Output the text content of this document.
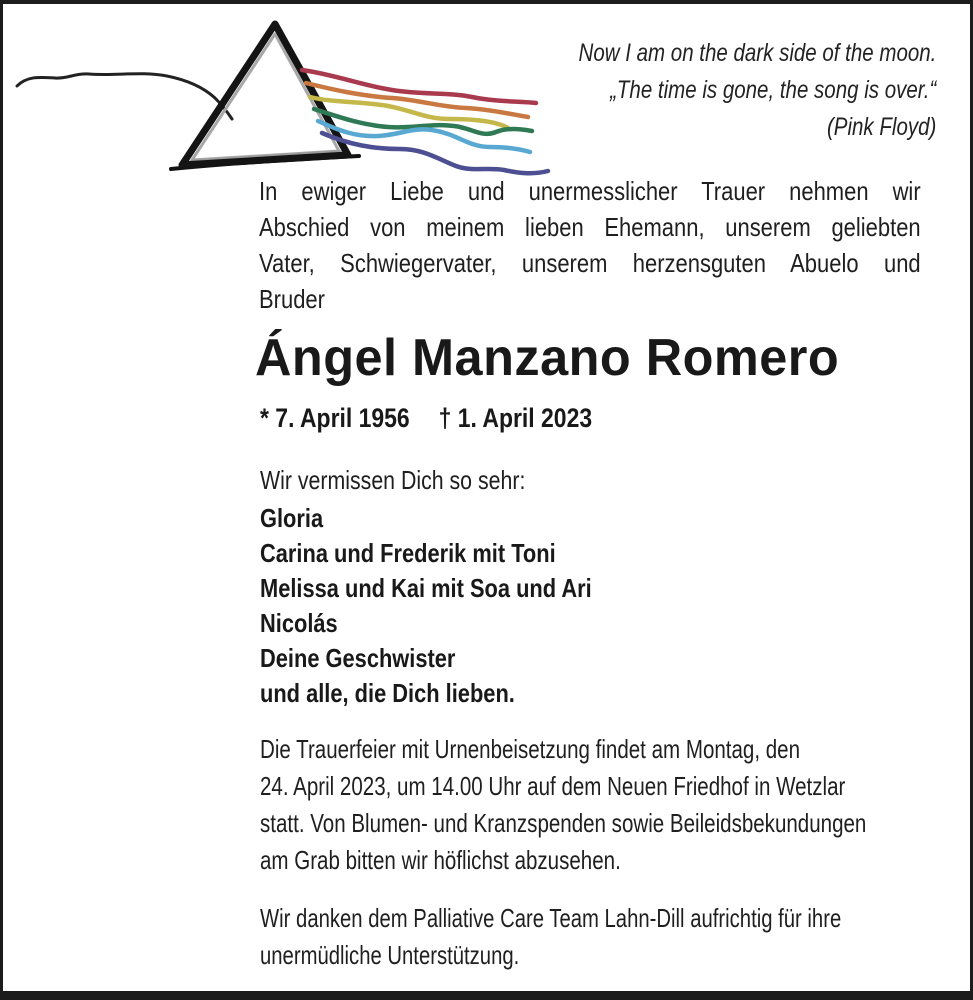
Now I am on the dark side of the moon.
„The time is gone, the song is over.“
(Pink Floyd)
In ewiger Liebe und unermesslicher Trauer nehmen wir
Abschied von meinem lieben Ehemann, unserem geliebten
Vater, Schwiegervater, unserem herzensguten Abuelo und
Bruder
Ángel Manzano Romero
* 7. April 1956 † 1. April 2023
Wir vermissen Dich so sehr:
Gloria
Carina und Frederik mit Toni
Melissa und Kai mit Soa und Ari
Nicolás
Deine Geschwister
und alle, die Dich lieben.
Die Trauerfeier mit Urnenbeisetzung findet am Montag, den
24. April 2023, um 14.00 Uhr auf dem Neuen Friedhof in Wetzlar
statt. Von Blumen- und Kranzspenden sowie Beileidsbekundungen
am Grab bitten wir höflichst abzusehen.
Wir danken dem Palliative Care Team Lahn-Dill aufrichtig für ihre
unermüdliche Unterstützung.
